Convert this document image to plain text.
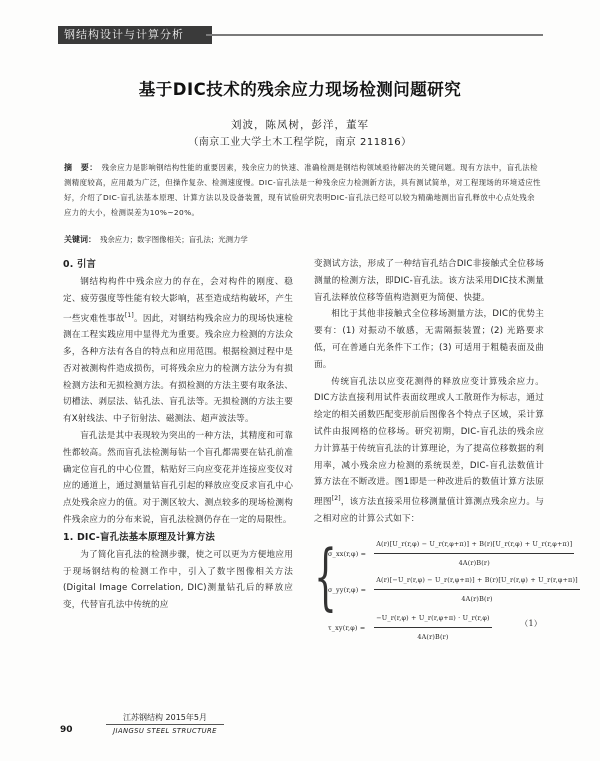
钢结构设计与计算分析
基于DIC技术的残余应力现场检测问题研究
刘波，陈凤树，彭洋，董军
（南京工业大学土木工程学院，南京 211816）
摘　要： 残余应力是影响钢结构性能的重要因素，残余应力的快速、准确检测是钢结构领域亟待解决的关键问题。现有方法中，盲孔法检测精度较高，应用最为广泛，但操作复杂、检测速度慢。DIC-盲孔法是一种残余应力检测新方法，具有测试简单，对工程现场的环境适应性好，介绍了DIC-盲孔法基本原理、计算方法以及设备装置，现有试验研究表明DIC-盲孔法已经可以较为精确地测出盲孔释放中心点处残余应力的大小，检测误差为10%~20%。
关键词： 残余应力；数字图像相关；盲孔法；光测力学
0. 引言

钢结构构件中残余应力的存在，会对构件的刚度、稳定、疲劳强度等性能有较大影响，甚至造成结构破坏，产生一些灾难性事故[1]。因此，对钢结构残余应力的现场快速检测在工程实践应用中显得尤为重要。残余应力检测的方法众多，各种方法有各自的特点和应用范围。根据检测过程中是否对被测构件造成损伤，可将残余应力的检测方法分为有损检测方法和无损检测方法。有损检测的方法主要有取条法、切槽法、剥层法、钻孔法、盲孔法等。无损检测的方法主要有X射线法、中子衍射法、磁测法、超声波法等。

盲孔法是其中表现较为突出的一种方法，其精度和可靠性都较高。然而盲孔法检测每钻一个盲孔都需要在钻孔前准确定位盲孔的中心位置，粘贴好三向应变花并连接应变仪对应的通道上，通过测量钻盲孔引起的释放应变反求盲孔中心点处残余应力的值。对于测区较大、测点较多的现场检测构件残余应力的分布来说，盲孔法检测仍存在一定的局限性。

1. DIC-盲孔法基本原理及计算方法

为了简化盲孔法的检测步骤，使之可以更为方便地应用于现场钢结构的检测工作中，引入了数字图像相关方法(Digital Image Correlation, DIC)测量钻孔后的释放应变，代替盲孔法中传统的应

变测试方法，形成了一种结盲孔结合DIC非接触式全位移场测量的检测方法，即DIC-盲孔法。该方法采用DIC技术测量盲孔法释放位移等值构造测更为简便、快捷。

相比于其他非接触式全位移场测量方法，DIC的优势主要有：(1) 对振动不敏感，无需隔振装置；(2) 光路要求低，可在普通白光条件下工作；(3) 可适用于粗糙表面及曲面。

传统盲孔法以应变花测得的释放应变计算残余应力。DIC方法直接利用试件表面纹理或人工散斑作为标志，通过绘定的相关函数匹配变形前后图像各个特点子区域，采计算试件由报网格的位移场。研究初期，DIC-盲孔法的残余应力计算基于传统盲孔法的计算理论，为了提高位移数据的利用率，减小残余应力检测的系统误差，DIC-盲孔法数值计算方法在不断改进。图1即是一种改进后的数值计算方法原理图[2]，该方法直接采用位移测量值计算测点残余应力。与之相对应的计算公式如下：

{
σ_xx(r,φ) = $\frac{A(r)[U\_r(r,\varphi) - U\_r(r,\varphi+\pi)] + B(r)[U\_r(r,\varphi) + U\_r(r,\varphi+\pi)]}{4A(r)B(r)}$
σ_yy(r,φ) = $\frac{A(r)[-U\_r(r,\varphi) - U\_r(r,\varphi+\pi)] + B(r)[U\_r(r,\varphi) + U\_r(r,\varphi+\pi)]}{4A(r)B(r)}$
τ_xy(r,φ) = $\frac{-U\_r(r,\varphi) + U\_r(r,\varphi+\pi) \cdot U\_r(r,\varphi)}{4A(r)B(r)}$	（1）
90
江苏钢结构 2015年5月
JIANGSU STEEL STRUCTURE
